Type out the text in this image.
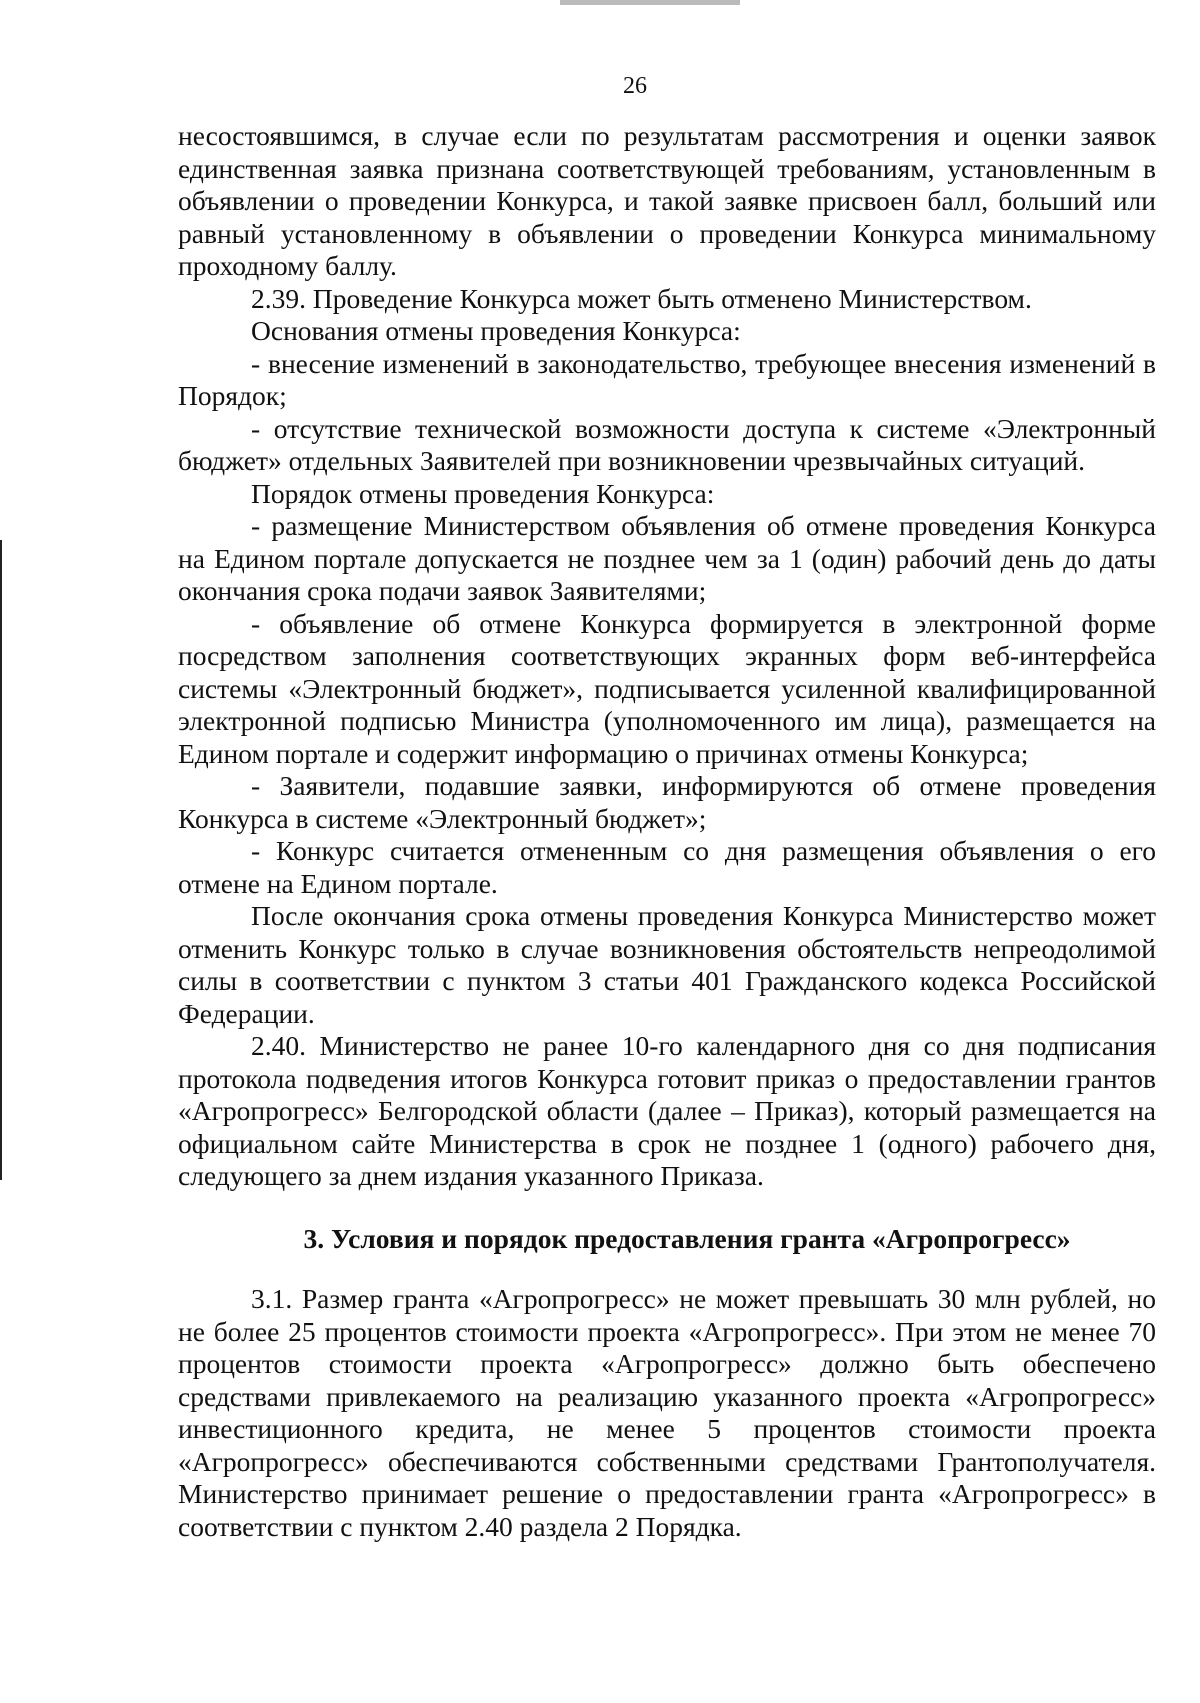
26

несостоявшимся, в случае если по результатам рассмотрения и оценки заявок единственная заявка признана соответствующей требованиям, установленным в объявлении о проведении Конкурса, и такой заявке присвоен балл, больший или равный установленному в объявлении о проведении Конкурса минимальному проходному баллу.

2.39. Проведение Конкурса может быть отменено Министерством.

Основания отмены проведения Конкурса:

- внесение изменений в законодательство, требующее внесения изменений в Порядок;

- отсутствие технической возможности доступа к системе «Электронный бюджет» отдельных Заявителей при возникновении чрезвычайных ситуаций.

Порядок отмены проведения Конкурса:

- размещение Министерством объявления об отмене проведения Конкурса на Едином портале допускается не позднее чем за 1 (один) рабочий день до даты окончания срока подачи заявок Заявителями;

- объявление об отмене Конкурса формируется в электронной форме посредством заполнения соответствующих экранных форм веб-интерфейса системы «Электронный бюджет», подписывается усиленной квалифицированной электронной подписью Министра (уполномоченного им лица), размещается на Едином портале и содержит информацию о причинах отмены Конкурса;

- Заявители, подавшие заявки, информируются об отмене проведения Конкурса в системе «Электронный бюджет»;

- Конкурс считается отмененным со дня размещения объявления о его отмене на Едином портале.

После окончания срока отмены проведения Конкурса Министерство может отменить Конкурс только в случае возникновения обстоятельств непреодолимой силы в соответствии с пунктом 3 статьи 401 Гражданского кодекса Российской Федерации.

2.40. Министерство не ранее 10-го календарного дня со дня подписания протокола подведения итогов Конкурса готовит приказ о предоставлении грантов «Агропрогресс» Белгородской области (далее – Приказ), который размещается на официальном сайте Министерства в срок не позднее 1 (одного) рабочего дня, следующего за днем издания указанного Приказа.

3. Условия и порядок предоставления гранта «Агропрогресс»

3.1. Размер гранта «Агропрогресс» не может превышать 30 млн рублей, но не более 25 процентов стоимости проекта «Агропрогресс». При этом не менее 70 процентов стоимости проекта «Агропрогресс» должно быть обеспечено средствами привлекаемого на реализацию указанного проекта «Агропрогресс» инвестиционного кредита, не менее 5 процентов стоимости проекта «Агропрогресс» обеспечиваются собственными средствами Грантополучателя. Министерство принимает решение о предоставлении гранта «Агропрогресс» в соответствии с пунктом 2.40 раздела 2 Порядка.
